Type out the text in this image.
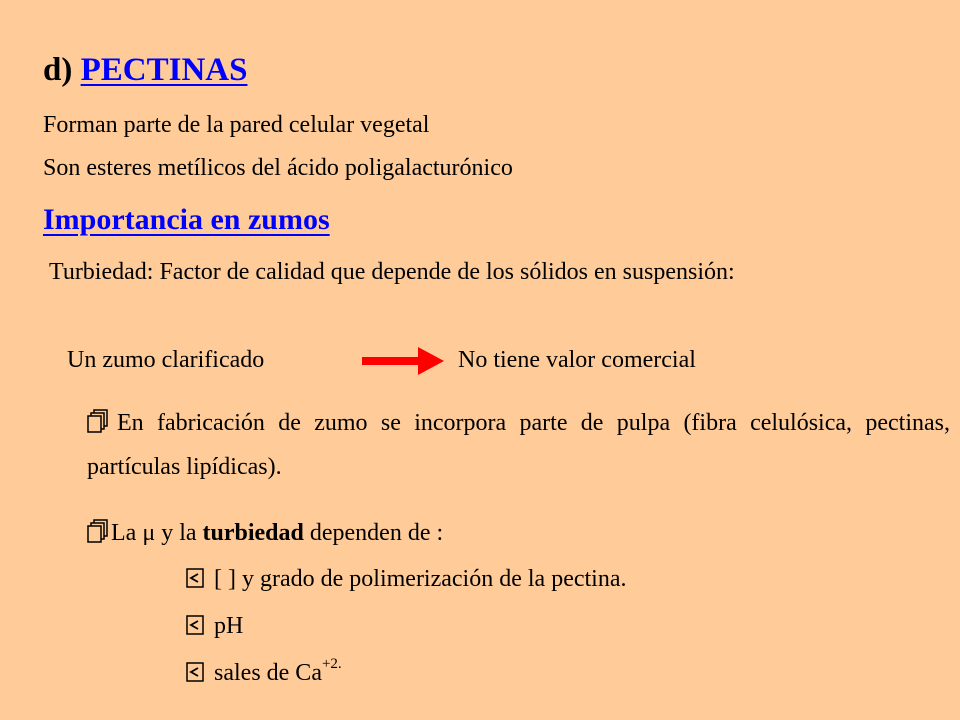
d) PECTINAS
Forman parte de la pared celular vegetal
Son esteres metílicos del ácido poligalacturónico
Importancia en zumos
Turbiedad: Factor de calidad que depende de los sólidos en suspensión:
Un zumo clarificado	No tiene valor comercial
En fabricación de zumo se incorpora parte de pulpa (fibra celulósica, pectinas, partículas lipídicas).
La μ y la turbiedad dependen de :
[ ] y grado de polimerización de la pectina.
pH
sales de $Ca^{+2.}$
